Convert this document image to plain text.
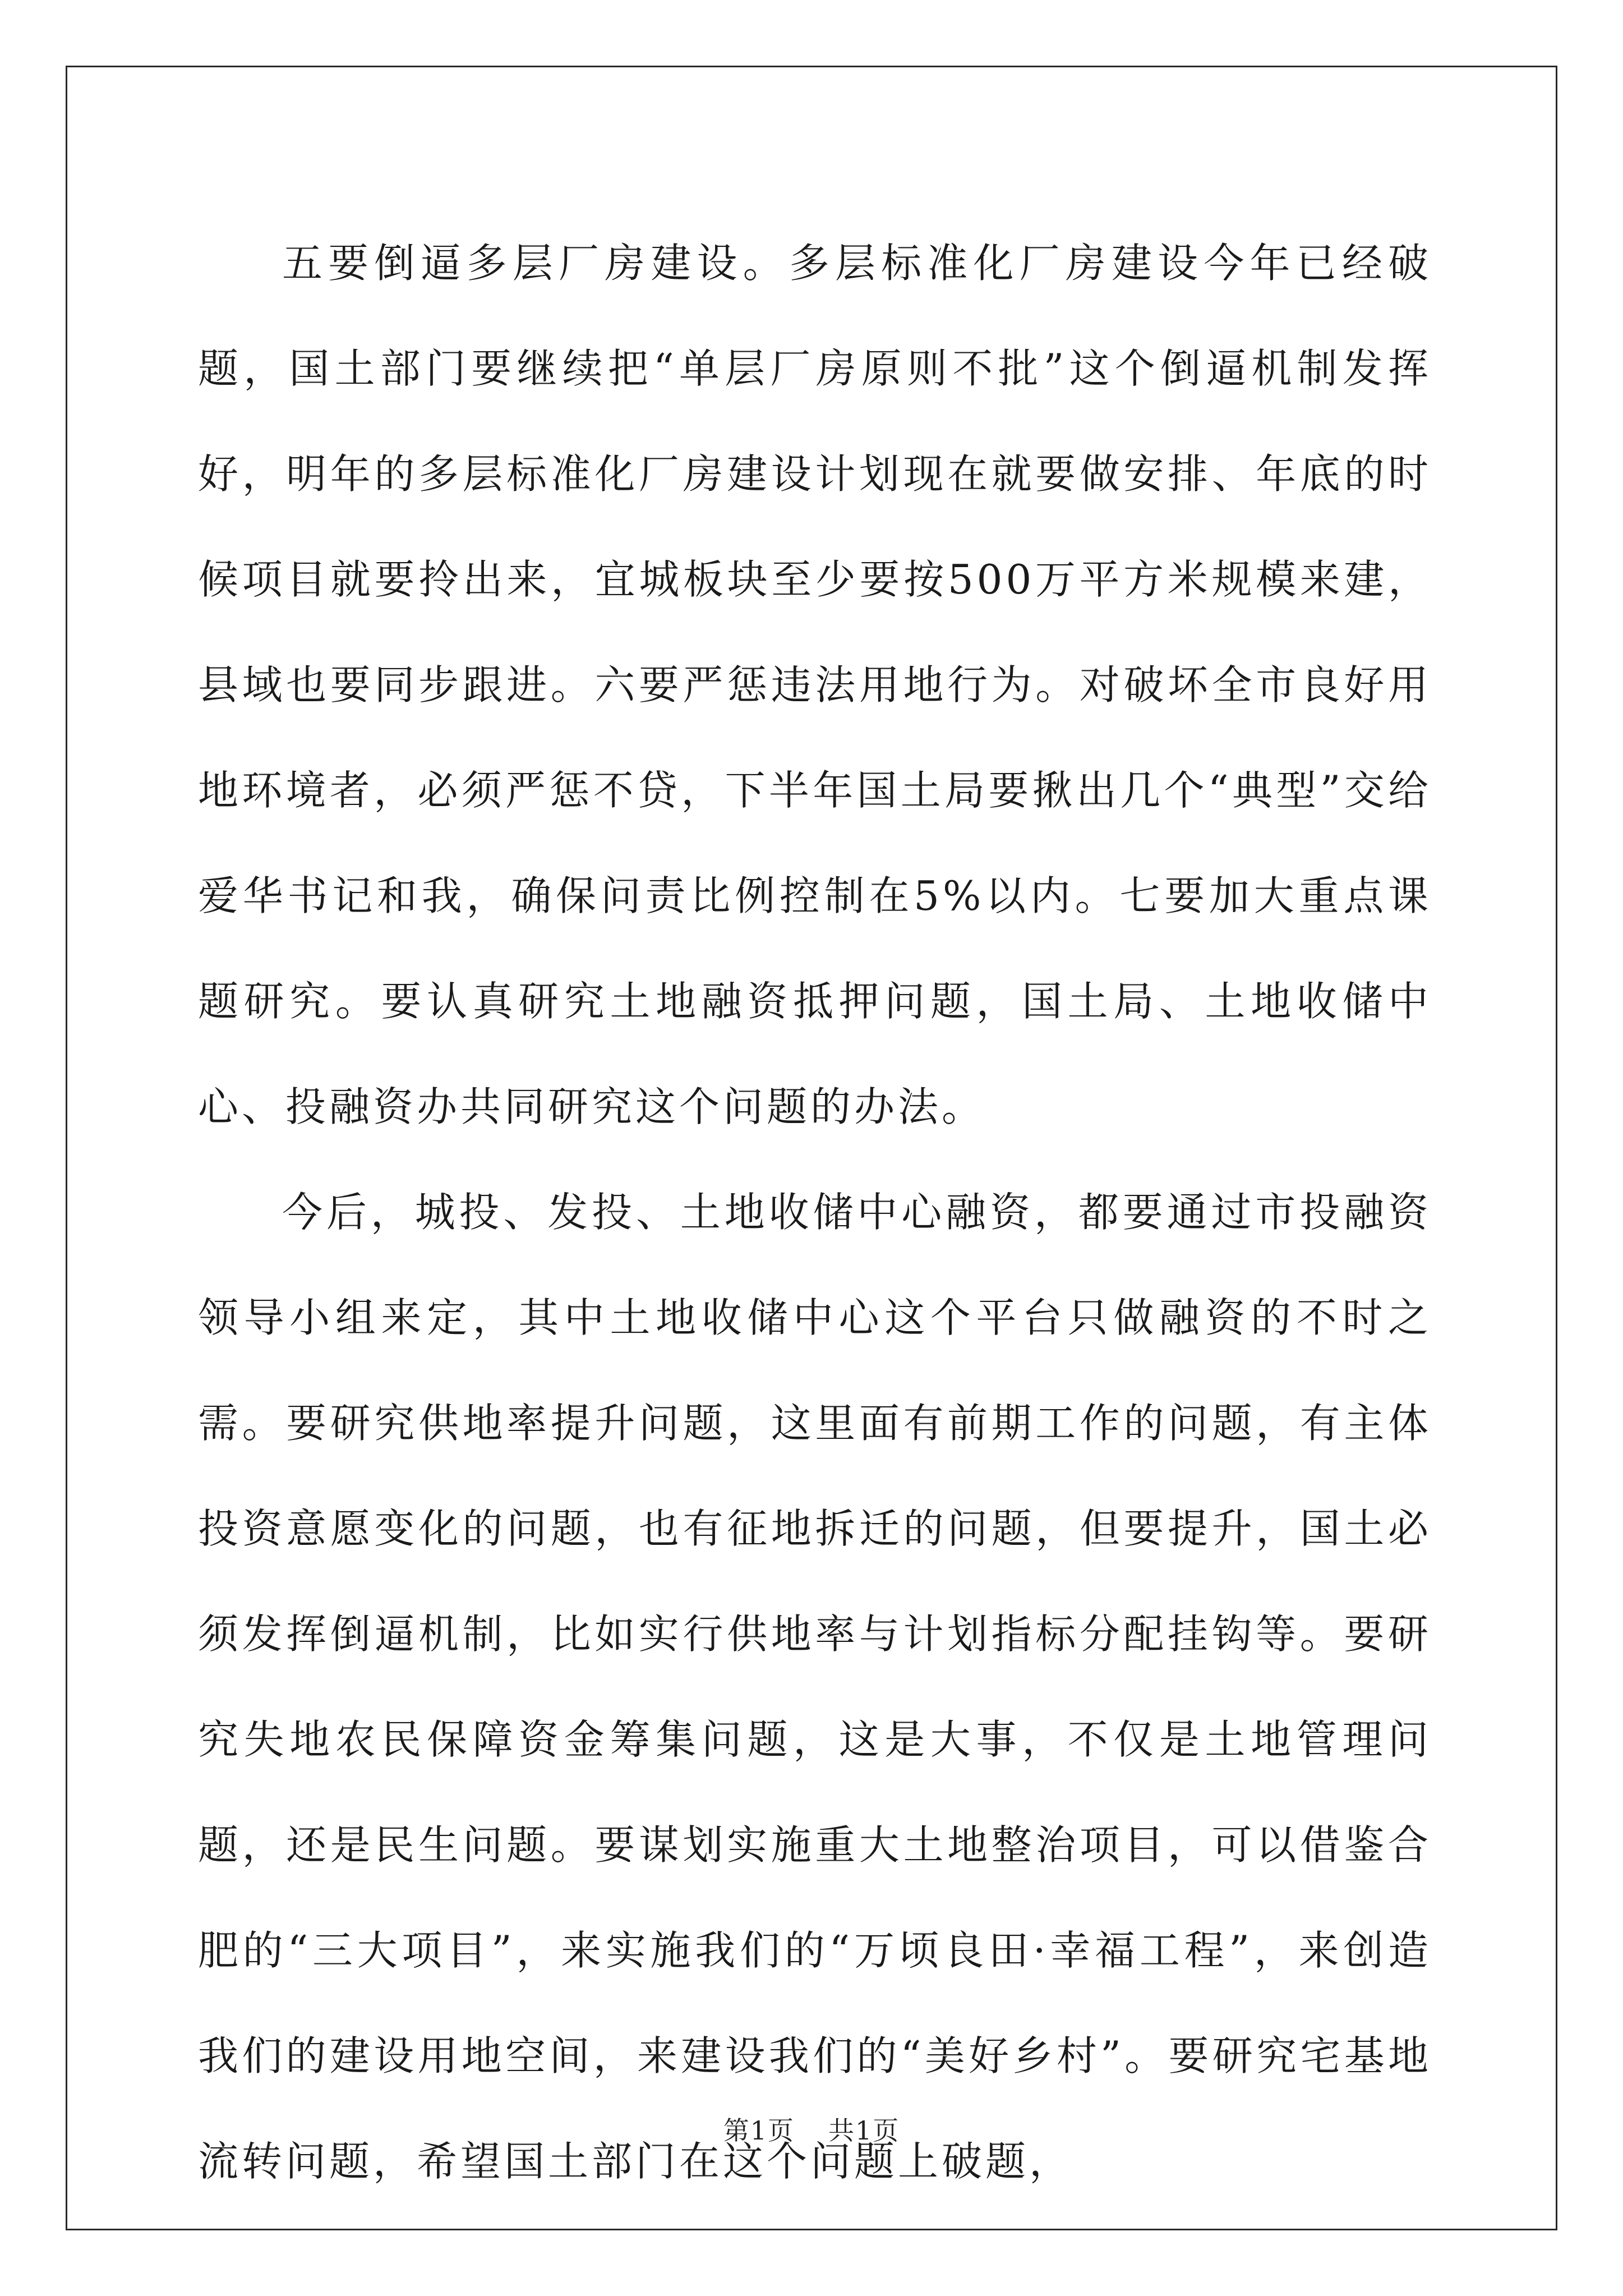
五要倒逼多层厂房建设。多层标准化厂房建设今年已经破题，国土部门要继续把“单层厂房原则不批”这个倒逼机制发挥好，明年的多层标准化厂房建设计划现在就要做安排、年底的时候项目就要拎出来，宜城板块至少要按500万平方米规模来建，县域也要同步跟进。六要严惩违法用地行为。对破坏全市良好用地环境者，必须严惩不贷，下半年国土局要揪出几个“典型”交给爱华书记和我，确保问责比例控制在5%以内。七要加大重点课题研究。要认真研究土地融资抵押问题，国土局、土地收储中心、投融资办共同研究这个问题的办法。

今后，城投、发投、土地收储中心融资，都要通过市投融资领导小组来定，其中土地收储中心这个平台只做融资的不时之需。要研究供地率提升问题，这里面有前期工作的问题，有主体投资意愿变化的问题，也有征地拆迁的问题，但要提升，国土必须发挥倒逼机制，比如实行供地率与计划指标分配挂钩等。要研究失地农民保障资金筹集问题，这是大事，不仅是土地管理问题，还是民生问题。要谋划实施重大土地整治项目，可以借鉴合肥的“三大项目”，来实施我们的“万顷良田·幸福工程”，来创造我们的建设用地空间，来建设我们的“美好乡村”。要研究宅基地流转问题，希望国土部门在这个问题上破题，

第1页 共1页
